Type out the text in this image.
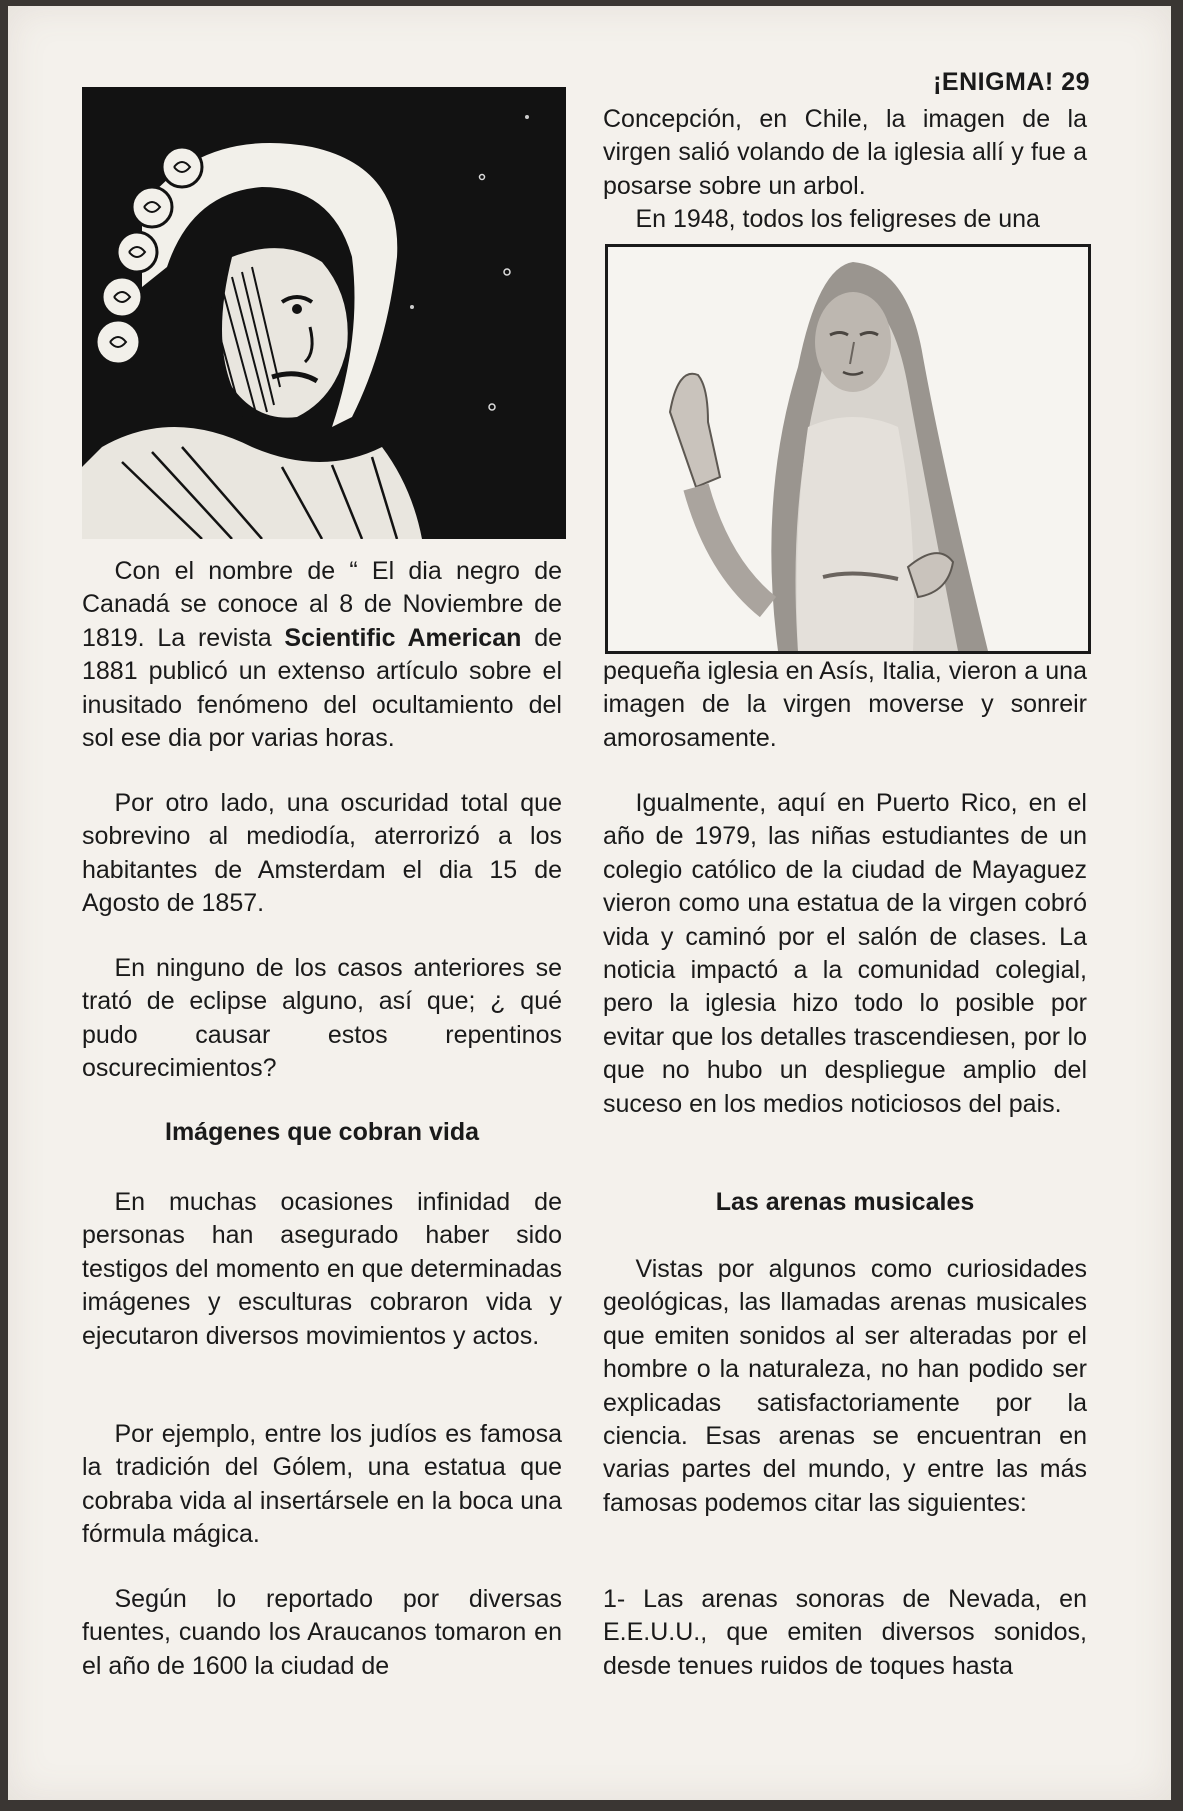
¡ENIGMA! 29

Con el nombre de “ El dia negro de Canadá se conoce al 8 de Noviembre de 1819. La revista Scientific American de 1881 publicó un extenso artículo sobre el inusitado fenómeno del ocultamiento del sol ese dia por varias horas.

Por otro lado, una oscuridad total que sobrevino al mediodía, aterrorizó a los habitantes de Amsterdam el dia 15 de Agosto de 1857.

En ninguno de los casos anteriores se trató de eclipse alguno, así que; ¿ qué pudo causar estos repentinos oscurecimientos?

Imágenes que cobran vida

En muchas ocasiones infinidad de personas han asegurado haber sido testigos del momento en que determinadas imágenes y esculturas cobraron vida y ejecutaron diversos movimientos y actos.

Por ejemplo, entre los judíos es famosa la tradición del Gólem, una estatua que cobraba vida al insertársele en la boca una fórmula mágica.

Según lo reportado por diversas fuentes, cuando los Araucanos tomaron en el año de 1600 la ciudad de

Concepción, en Chile, la imagen de la virgen salió volando de la iglesia allí y fue a posarse sobre un arbol.

En 1948, todos los feligreses de una

pequeña iglesia en Asís, Italia, vieron a una imagen de la virgen moverse y sonreir amorosamente.

Igualmente, aquí en Puerto Rico, en el año de 1979, las niñas estudiantes de un colegio católico de la ciudad de Mayaguez vieron como una estatua de la virgen cobró vida y caminó por el salón de clases. La noticia impactó a la comunidad colegial, pero la iglesia hizo todo lo posible por evitar que los detalles trascendiesen, por lo que no hubo un despliegue amplio del suceso en los medios noticiosos del pais.

Las arenas musicales

Vistas por algunos como curiosidades geológicas, las llamadas arenas musicales que emiten sonidos al ser alteradas por el hombre o la naturaleza, no han podido ser explicadas satisfactoriamente por la ciencia. Esas arenas se encuentran en varias partes del mundo, y entre las más famosas podemos citar las siguientes:

1- Las arenas sonoras de Nevada, en E.E.U.U., que emiten diversos sonidos, desde tenues ruidos de toques hasta
